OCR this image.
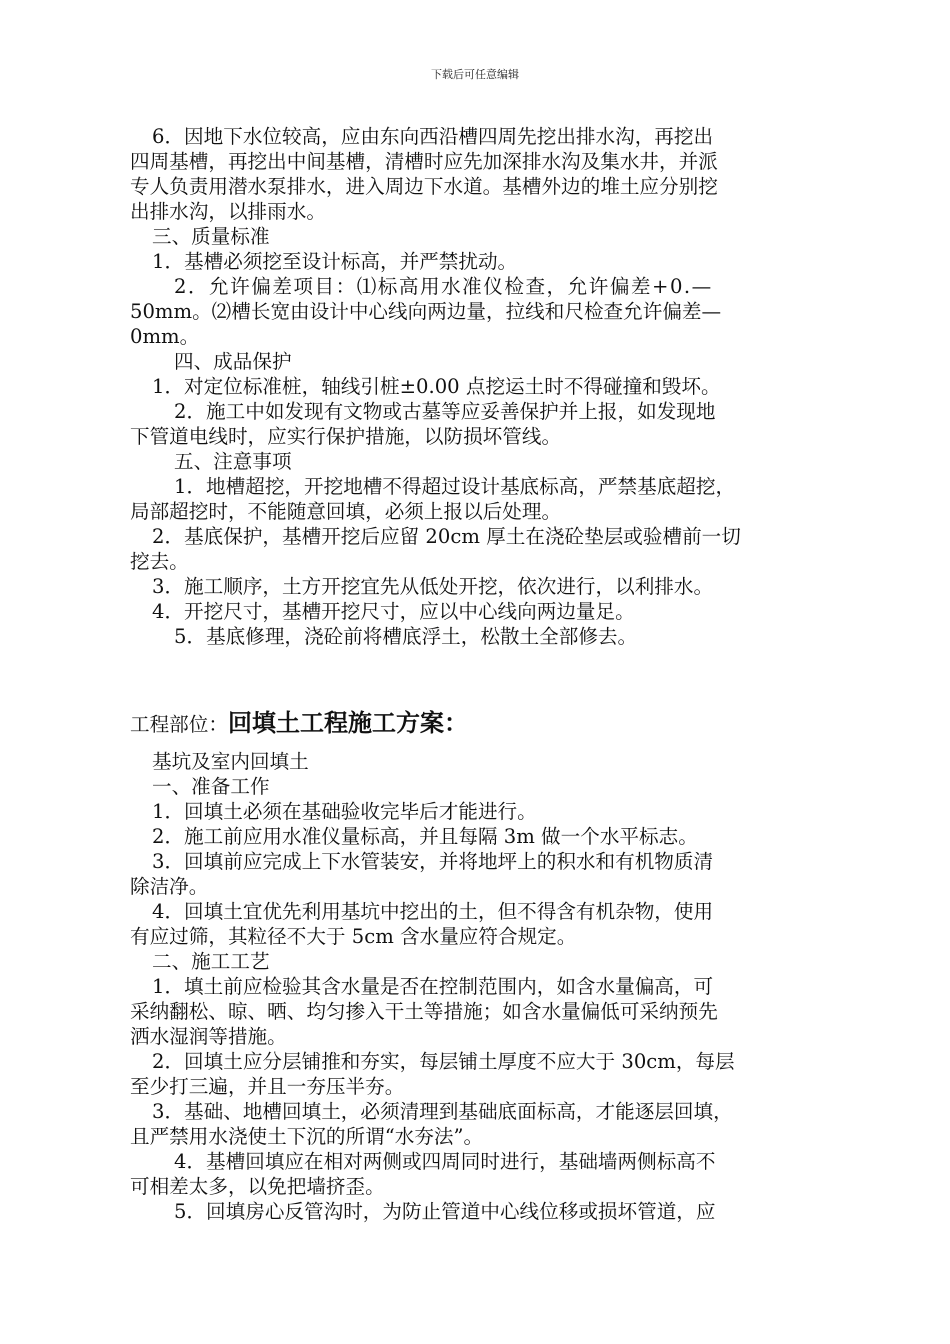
下载后可任意编辑

6．因地下水位较高，应由东向西沿槽四周先挖出排水沟，再挖出

四周基槽，再挖出中间基槽，清槽时应先加深排水沟及集水井，并派

专人负责用潜水泵排水，进入周边下水道。基槽外边的堆土应分别挖

出排水沟，以排雨水。

三、质量标准

1．基槽必须挖至设计标高，并严禁扰动。

2．允许偏差项目：⑴标高用水准仪检查，允许偏差+0.—

50mm。⑵槽长宽由设计中心线向两边量，拉线和尺检查允许偏差—

0mm。

四、成品保护

1．对定位标准桩，轴线引桩±0.00 点挖运土时不得碰撞和毁坏。

2．施工中如发现有文物或古墓等应妥善保护并上报，如发现地

下管道电线时，应实行保护措施，以防损坏管线。

五、注意事项

1．地槽超挖，开挖地槽不得超过设计基底标高，严禁基底超挖，

局部超挖时，不能随意回填，必须上报以后处理。

2．基底保护，基槽开挖后应留 20cm 厚土在浇砼垫层或验槽前一切

挖去。

3．施工顺序，土方开挖宜先从低处开挖，依次进行，以利排水。

4．开挖尺寸，基槽开挖尺寸，应以中心线向两边量足。

5．基底修理，浇砼前将槽底浮土，松散土全部修去。

工程部位：回填土工程施工方案：

基坑及室内回填土

一、准备工作

1．回填土必须在基础验收完毕后才能进行。

2．施工前应用水准仪量标高，并且每隔 3m 做一个水平标志。

3．回填前应完成上下水管装安，并将地坪上的积水和有机物质清

除洁净。

4．回填土宜优先利用基坑中挖出的土，但不得含有机杂物，使用

有应过筛，其粒径不大于 5cm 含水量应符合规定。

二、施工工艺

1．填土前应检验其含水量是否在控制范围内，如含水量偏高，可

采纳翻松、晾、晒、均匀掺入干土等措施；如含水量偏低可采纳预先

洒水湿润等措施。

2．回填土应分层铺推和夯实，每层铺土厚度不应大于 30cm，每层

至少打三遍，并且一夯压半夯。

3．基础、地槽回填土，必须清理到基础底面标高，才能逐层回填，

且严禁用水浇使土下沉的所谓“水夯法”。

4．基槽回填应在相对两侧或四周同时进行，基础墙两侧标高不

可相差太多，以免把墙挤歪。

5．回填房心反管沟时，为防止管道中心线位移或损坏管道，应
